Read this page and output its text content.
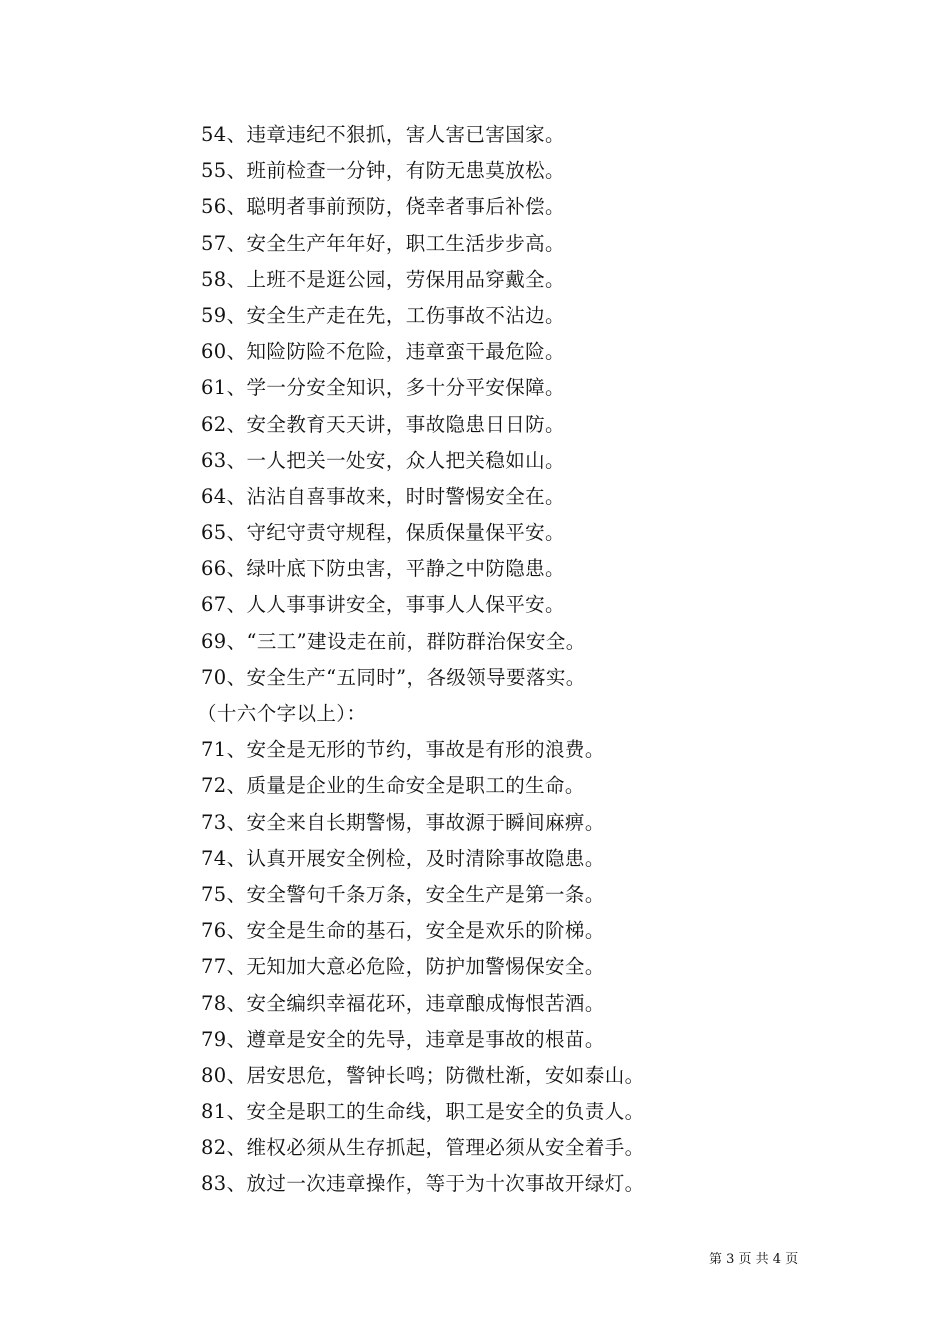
54、违章违纪不狠抓，害人害已害国家。
55、班前检查一分钟，有防无患莫放松。
56、聪明者事前预防，侥幸者事后补偿。
57、安全生产年年好，职工生活步步高。
58、上班不是逛公园，劳保用品穿戴全。
59、安全生产走在先，工伤事故不沾边。
60、知险防险不危险，违章蛮干最危险。
61、学一分安全知识，多十分平安保障。
62、安全教育天天讲，事故隐患日日防。
63、一人把关一处安，众人把关稳如山。
64、沾沾自喜事故来，时时警惕安全在。
65、守纪守责守规程，保质保量保平安。
66、绿叶底下防虫害，平静之中防隐患。
67、人人事事讲安全，事事人人保平安。
69、“三工”建设走在前，群防群治保安全。
70、安全生产“五同时”，各级领导要落实。
（十六个字以上）：
71、安全是无形的节约，事故是有形的浪费。
72、质量是企业的生命安全是职工的生命。
73、安全来自长期警惕，事故源于瞬间麻痹。
74、认真开展安全例检，及时清除事故隐患。
75、安全警句千条万条，安全生产是第一条。
76、安全是生命的基石，安全是欢乐的阶梯。
77、无知加大意必危险，防护加警惕保安全。
78、安全编织幸福花环，违章酿成悔恨苦酒。
79、遵章是安全的先导，违章是事故的根苗。
80、居安思危，警钟长鸣；防微杜渐，安如泰山。
81、安全是职工的生命线，职工是安全的负责人。
82、维权必须从生存抓起，管理必须从安全着手。
83、放过一次违章操作，等于为十次事故开绿灯。
第 3 页 共 4 页
